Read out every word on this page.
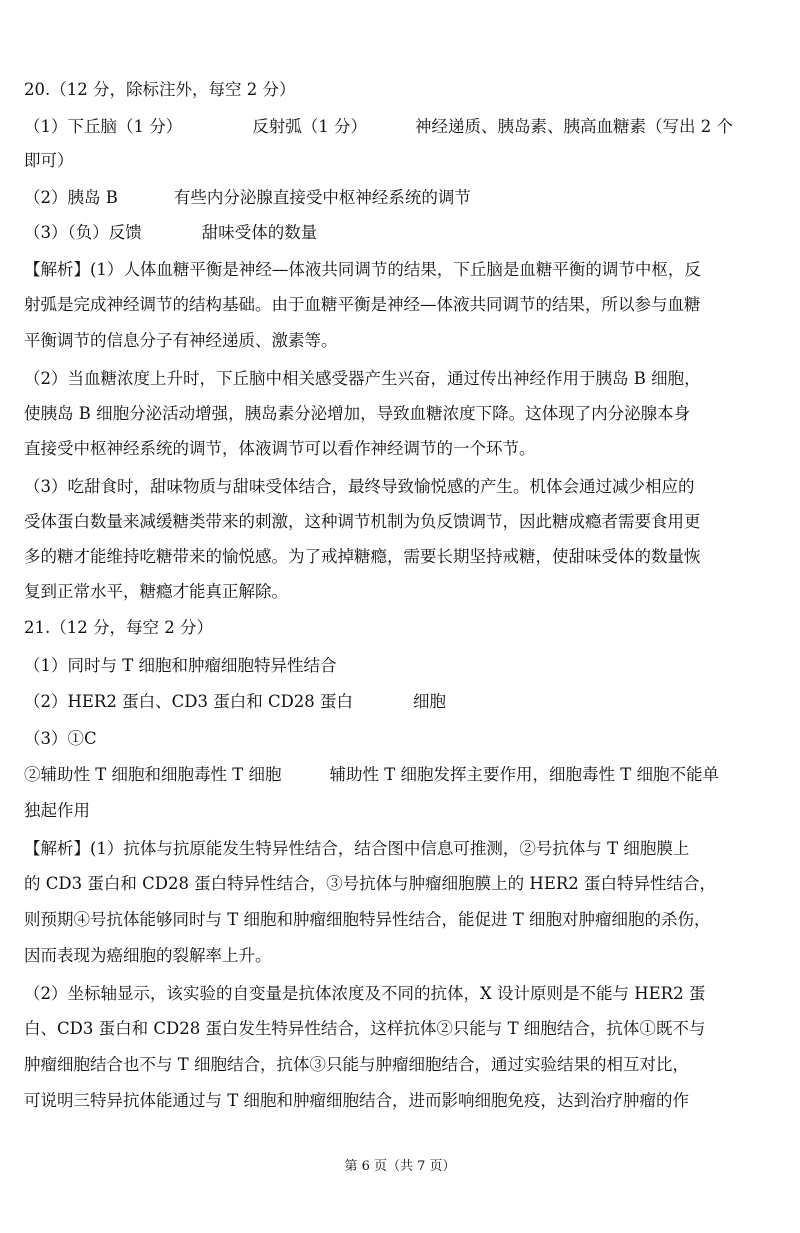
20.（12 分，除标注外，每空 2 分）
（1）下丘脑（1 分）	反射弧（1 分）	神经递质、胰岛素、胰高血糖素（写出 2 个
即可）
（2）胰岛 B	有些内分泌腺直接受中枢神经系统的调节
（3）（负）反馈	甜味受体的数量
【解析】(1）人体血糖平衡是神经—体液共同调节的结果，下丘脑是血糖平衡的调节中枢，反
射弧是完成神经调节的结构基础。由于血糖平衡是神经—体液共同调节的结果，所以参与血糖
平衡调节的信息分子有神经递质、激素等。
（2）当血糖浓度上升时，下丘脑中相关感受器产生兴奋，通过传出神经作用于胰岛 B 细胞，
使胰岛 B 细胞分泌活动增强，胰岛素分泌增加，导致血糖浓度下降。这体现了内分泌腺本身
直接受中枢神经系统的调节，体液调节可以看作神经调节的一个环节。
（3）吃甜食时，甜味物质与甜味受体结合，最终导致愉悦感的产生。机体会通过减少相应的
受体蛋白数量来减缓糖类带来的刺激，这种调节机制为负反馈调节，因此糖成瘾者需要食用更
多的糖才能维持吃糖带来的愉悦感。为了戒掉糖瘾，需要长期坚持戒糖，使甜味受体的数量恢
复到正常水平，糖瘾才能真正解除。
21.（12 分，每空 2 分）
（1）同时与 T 细胞和肿瘤细胞特异性结合
（2）HER2 蛋白、CD3 蛋白和 CD28 蛋白	细胞
（3）①C
②辅助性 T 细胞和细胞毒性 T 细胞	辅助性 T 细胞发挥主要作用，细胞毒性 T 细胞不能单
独起作用
【解析】(1）抗体与抗原能发生特异性结合，结合图中信息可推测，②号抗体与 T 细胞膜上
的 CD3 蛋白和 CD28 蛋白特异性结合，③号抗体与肿瘤细胞膜上的 HER2 蛋白特异性结合，
则预期④号抗体能够同时与 T 细胞和肿瘤细胞特异性结合，能促进 T 细胞对肿瘤细胞的杀伤，
因而表现为癌细胞的裂解率上升。
（2）坐标轴显示，该实验的自变量是抗体浓度及不同的抗体，X 设计原则是不能与 HER2 蛋
白、CD3 蛋白和 CD28 蛋白发生特异性结合，这样抗体②只能与 T 细胞结合，抗体①既不与
肿瘤细胞结合也不与 T 细胞结合，抗体③只能与肿瘤细胞结合，通过实验结果的相互对比，
可说明三特异抗体能通过与 T 细胞和肿瘤细胞结合，进而影响细胞免疫，达到治疗肿瘤的作
第 6 页（共 7 页）
